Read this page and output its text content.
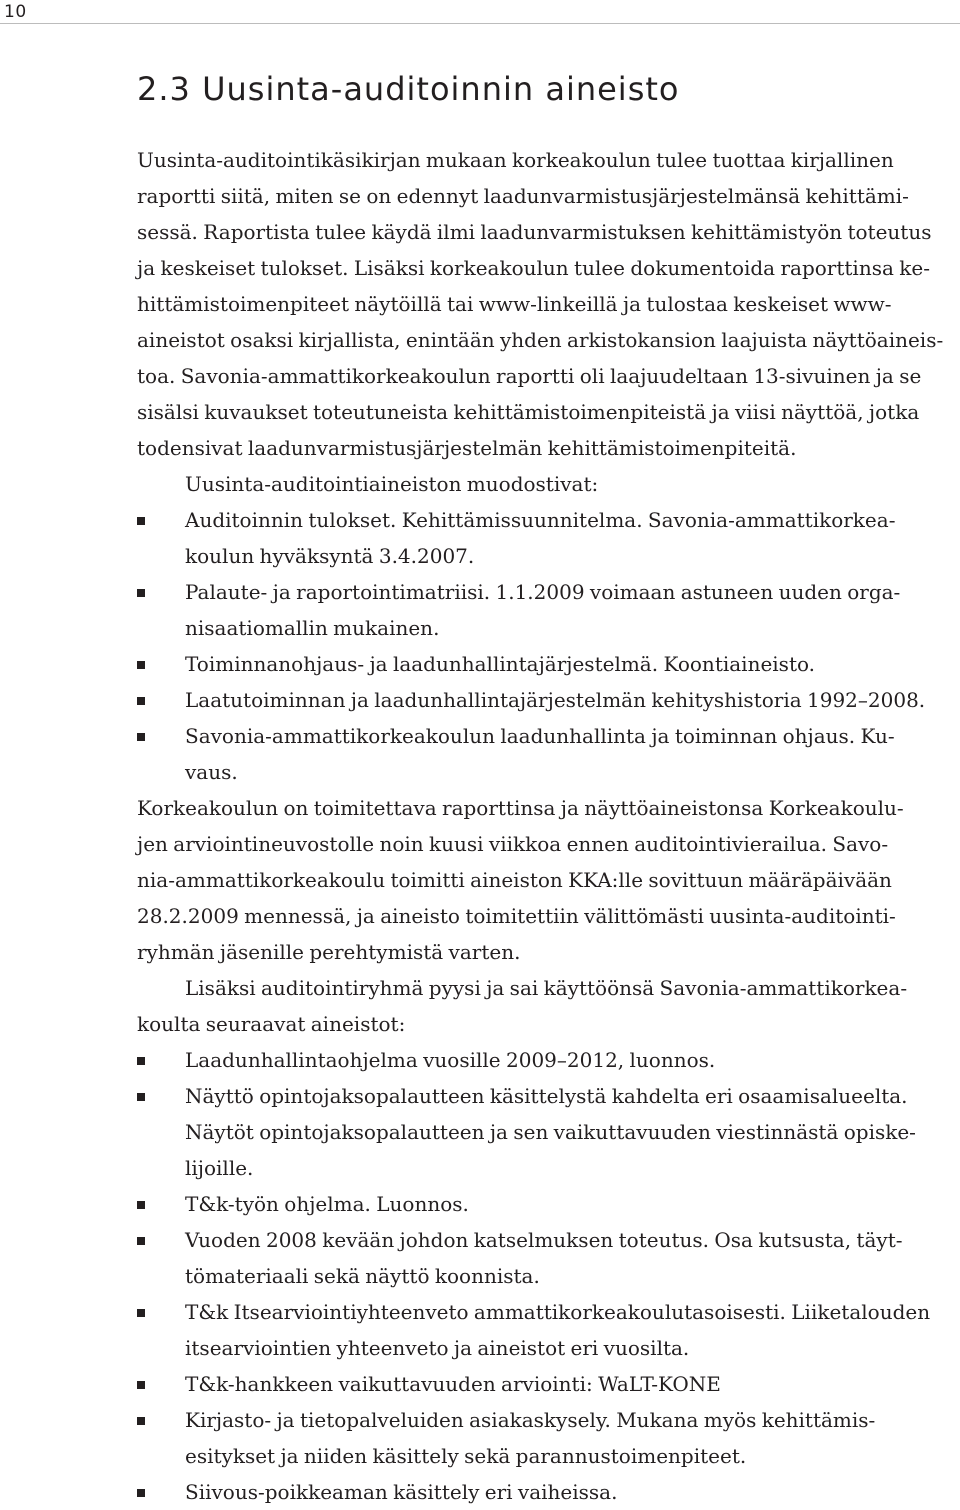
10
2.3 Uusinta-auditoinnin aineisto
Uusinta-auditointikäsikirjan mukaan korkeakoulun tulee tuottaa kirjallinen
raportti siitä, miten se on edennyt laadunvarmistusjärjestelmänsä kehittämi-
sessä. Raportista tulee käydä ilmi laadunvarmistuksen kehittämistyön toteutus
ja keskeiset tulokset. Lisäksi korkeakoulun tulee dokumentoida raporttinsa ke-
hittämistoimenpiteet näytöillä tai www-linkeillä ja tulostaa keskeiset www-
aineistot osaksi kirjallista, enintään yhden arkistokansion laajuista näyttöaineis-
toa. Savonia-ammattikorkeakoulun raportti oli laajuudeltaan 13-sivuinen ja se
sisälsi kuvaukset toteutuneista kehittämistoimenpiteistä ja viisi näyttöä, jotka
todensivat laadunvarmistusjärjestelmän kehittämistoimenpiteitä.
Uusinta-auditointiaineiston muodostivat:
Auditoinnin tulokset. Kehittämissuunnitelma. Savonia-ammattikorkea-
koulun hyväksyntä 3.4.2007.
Palaute- ja raportointimatriisi. 1.1.2009 voimaan astuneen uuden orga-
nisaatiomallin mukainen.
Toiminnanohjaus- ja laadunhallintajärjestelmä. Koontiaineisto.
Laatutoiminnan ja laadunhallintajärjestelmän kehityshistoria 1992–2008.
Savonia-ammattikorkeakoulun laadunhallinta ja toiminnan ohjaus. Ku-
vaus.
Korkeakoulun on toimitettava raporttinsa ja näyttöaineistonsa Korkeakoulu-
jen arviointineuvostolle noin kuusi viikkoa ennen auditointivierailua. Savo-
nia-ammattikorkeakoulu toimitti aineiston KKA:lle sovittuun määräpäivään
28.2.2009 mennessä, ja aineisto toimitettiin välittömästi uusinta-auditointi-
ryhmän jäsenille perehtymistä varten.
Lisäksi auditointiryhmä pyysi ja sai käyttöönsä Savonia-ammattikorkea-
koulta seuraavat aineistot:
Laadunhallintaohjelma vuosille 2009–2012, luonnos.
Näyttö opintojaksopalautteen käsittelystä kahdelta eri osaamisalueelta.
Näytöt opintojaksopalautteen ja sen vaikuttavuuden viestinnästä opiske-
lijoille.
T&k-työn ohjelma. Luonnos.
Vuoden 2008 kevään johdon katselmuksen toteutus. Osa kutsusta, täyt-
tömateriaali sekä näyttö koonnista.
T&k Itsearviointiyhteenveto ammattikorkeakoulutasoisesti. Liiketalouden
itsearviointien yhteenveto ja aineistot eri vuosilta.
T&k-hankkeen vaikuttavuuden arviointi: WaLT-KONE
Kirjasto- ja tietopalveluiden asiakaskysely. Mukana myös kehittämis-
esitykset ja niiden käsittely sekä parannustoimenpiteet.
Siivous-poikkeaman käsittely eri vaiheissa.
